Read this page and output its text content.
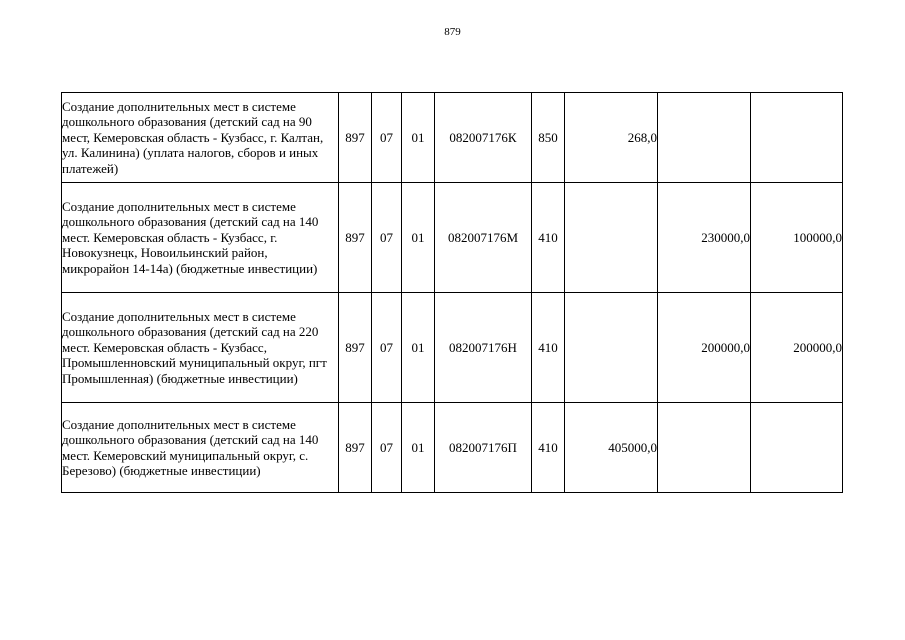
879
Создание дополнительных мест в системе дошкольного образования (детский сад на 90 мест, Кемеровская область - Кузбасс, г. Калтан, ул. Калинина) (уплата налогов, сборов и иных платежей)	897	07	01	082007176К	850	268,0		
Создание дополнительных мест в системе дошкольного образования (детский сад на 140 мест. Кемеровская область - Кузбасс, г. Новокузнецк, Новоильинский район, микрорайон 14-14а) (бюджетные инвестиции)	897	07	01	082007176М	410		230000,0	100000,0
Создание дополнительных мест в системе дошкольного образования (детский сад на 220 мест. Кемеровская область - Кузбасс, Промышленновский муниципальный округ, пгт Промышленная) (бюджетные инвестиции)	897	07	01	082007176Н	410		200000,0	200000,0
Создание дополнительных мест в системе дошкольного образования (детский сад на 140 мест. Кемеровский муниципальный округ, с. Березово) (бюджетные инвестиции)	897	07	01	082007176П	410	405000,0		
